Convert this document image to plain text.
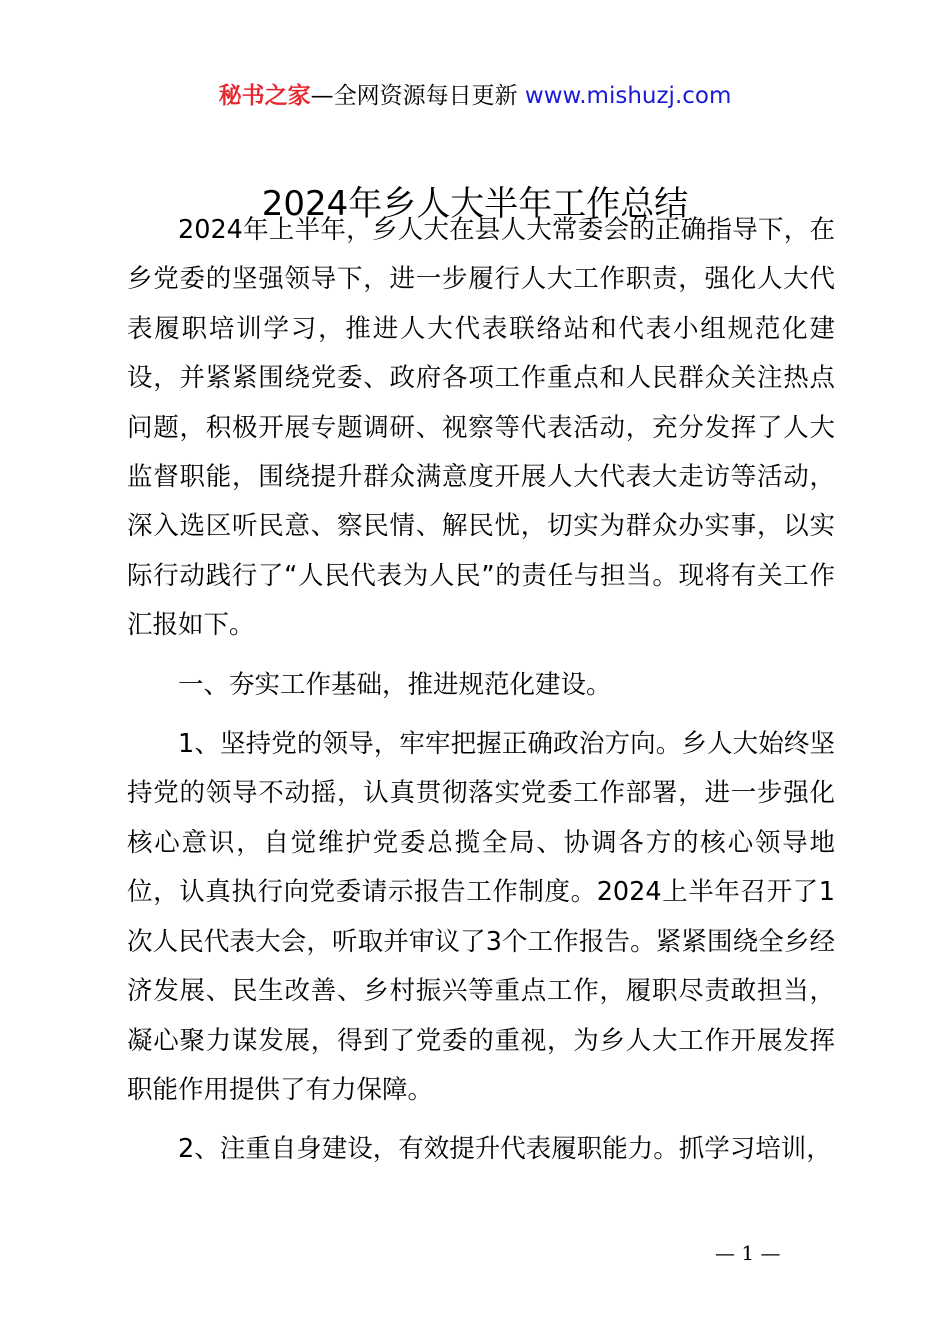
秘书之家—全网资源每日更新 www.mishuzj.com
2024年乡人大半年工作总结

2024年上半年，乡人大在县人大常委会的正确指导下，在乡党委的坚强领导下，进一步履行人大工作职责，强化人大代表履职培训学习，推进人大代表联络站和代表小组规范化建设，并紧紧围绕党委、政府各项工作重点和人民群众关注热点问题，积极开展专题调研、视察等代表活动，充分发挥了人大监督职能，围绕提升群众满意度开展人大代表大走访等活动，深入选区听民意、察民情、解民忧，切实为群众办实事，以实际行动践行了“人民代表为人民”的责任与担当。现将有关工作汇报如下。

一、夯实工作基础，推进规范化建设。

1、坚持党的领导，牢牢把握正确政治方向。乡人大始终坚持党的领导不动摇，认真贯彻落实党委工作部署，进一步强化核心意识，自觉维护党委总揽全局、协调各方的核心领导地位，认真执行向党委请示报告工作制度。2024上半年召开了1次人民代表大会，听取并审议了3个工作报告。紧紧围绕全乡经济发展、民生改善、乡村振兴等重点工作，履职尽责敢担当，凝心聚力谋发展，得到了党委的重视，为乡人大工作开展发挥职能作用提供了有力保障。

2、注重自身建设，有效提升代表履职能力。抓学习培训，

— 1 —
